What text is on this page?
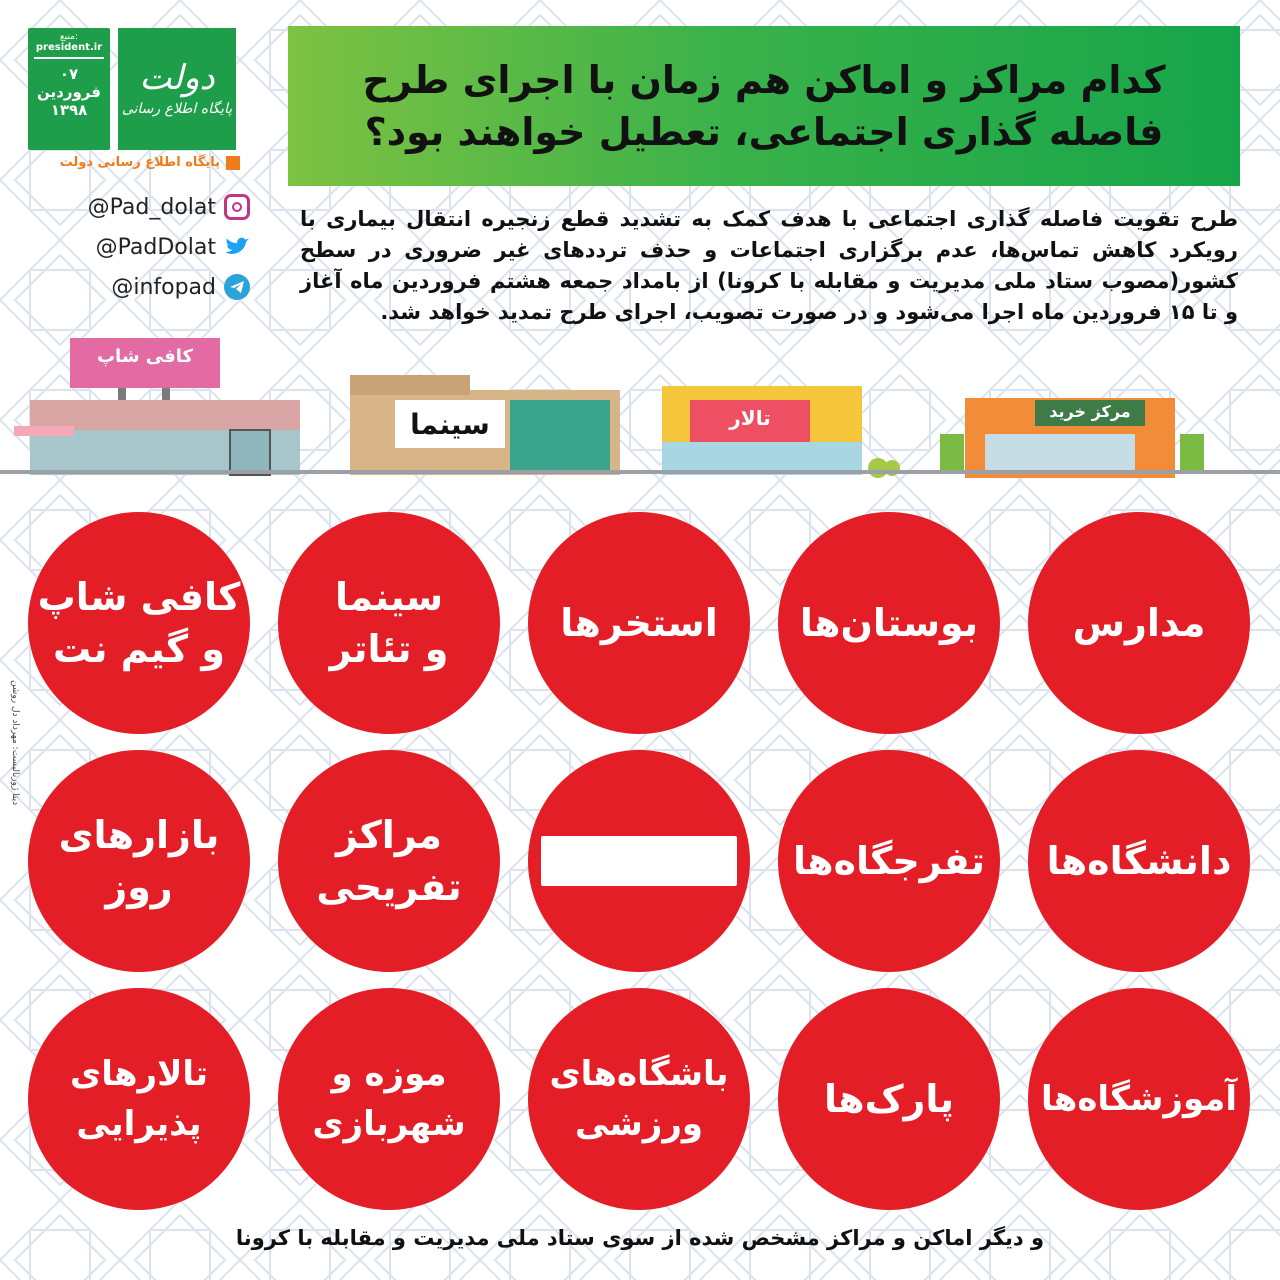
منبع:
president.ir
۰۷
فروردین
۱۳۹۸
دولت
پایگاه اطلاع رسانی
پایگاه اطلاع رسانی دولت
@Pad_dolat
@PadDolat
@infopad
کدام مراکز و اماکن هم زمان با اجرای طرح
فاصله گذاری اجتماعی، تعطیل خواهند بود؟
طرح تقویت فاصله گذاری اجتماعی با هدف کمک به تشدید قطع زنجیره انتقال بیماری با رویکرد کاهش تماس‌ها، عدم برگزاری اجتماعات و حذف ترددهای غیر ضروری در سطح کشور(مصوب ستاد ملی مدیریت و مقابله با کرونا) از بامداد جمعه هشتم فروردین ماه آغاز و تا ۱۵ فروردین ماه اجرا می‌شود و در صورت تصویب، اجرای طرح تمدید خواهد شد.
کافی شاپ
سینما	تالار	مرکز خرید
دیتا ژورنالیست: مهرداد دل روشن
مدارس
بوستان‌ها
استخرها
سینما
و تئاتر
کافی شاپ
و گیم نت
دانشگاه‌ها
تفرجگاه‌ها
مراکز
تفریحی
بازارهای
روز
آموزشگاه‌ها
پارک‌ها
باشگاه‌های
ورزشی
موزه و
شهربازی
تالارهای
پذیرایی
و دیگر اماکن و مراکز مشخص شده از سوی ستاد ملی مدیریت و مقابله با کرونا
